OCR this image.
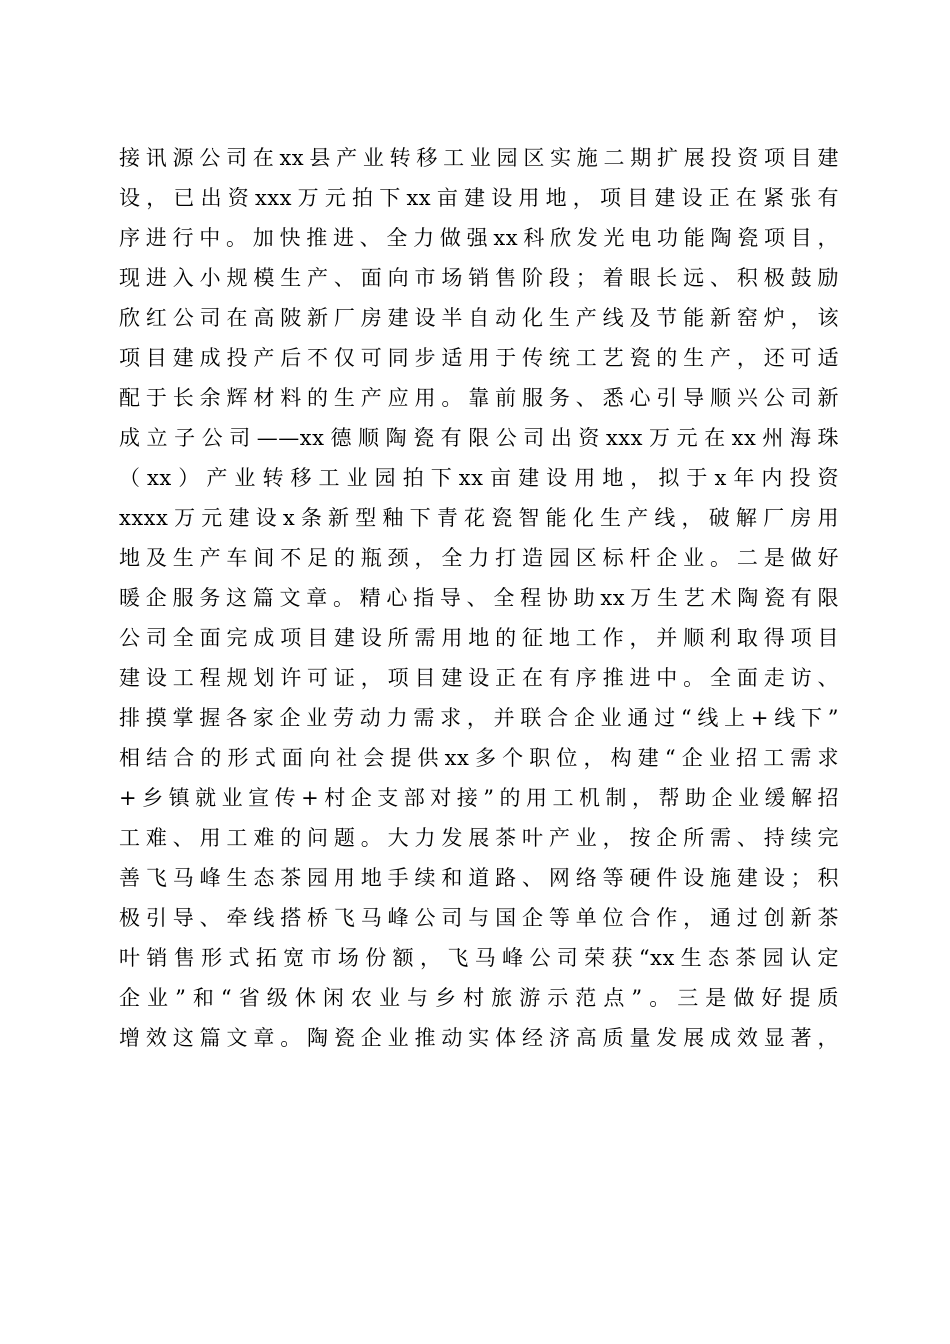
接讯源公司在xx县产业转移工业园区实施二期扩展投资项目建
设，已出资xxx万元拍下xx亩建设用地，项目建设正在紧张有
序进行中。加快推进、全力做强xx科欣发光电功能陶瓷项目，
现进入小规模生产、面向市场销售阶段；着眼长远、积极鼓励
欣红公司在高陂新厂房建设半自动化生产线及节能新窑炉，该
项目建成投产后不仅可同步适用于传统工艺瓷的生产，还可适
配于长余辉材料的生产应用。靠前服务、悉心引导顺兴公司新
成立子公司——xx德顺陶瓷有限公司出资xxx万元在xx州海珠
（xx）产业转移工业园拍下xx亩建设用地，拟于x年内投资
xxxx万元建设x条新型釉下青花瓷智能化生产线，破解厂房用
地及生产车间不足的瓶颈，全力打造园区标杆企业。二是做好
暖企服务这篇文章。精心指导、全程协助xx万生艺术陶瓷有限
公司全面完成项目建设所需用地的征地工作，并顺利取得项目
建设工程规划许可证，项目建设正在有序推进中。全面走访、
排摸掌握各家企业劳动力需求，并联合企业通过“线上+线下”
相结合的形式面向社会提供xx多个职位，构建“企业招工需求
+乡镇就业宣传+村企支部对接”的用工机制，帮助企业缓解招
工难、用工难的问题。大力发展茶叶产业，按企所需、持续完
善飞马峰生态茶园用地手续和道路、网络等硬件设施建设；积
极引导、牵线搭桥飞马峰公司与国企等单位合作，通过创新茶
叶销售形式拓宽市场份额，飞马峰公司荣获“xx生态茶园认定
企业”和“省级休闲农业与乡村旅游示范点”。三是做好提质
增效这篇文章。陶瓷企业推动实体经济高质量发展成效显著，
